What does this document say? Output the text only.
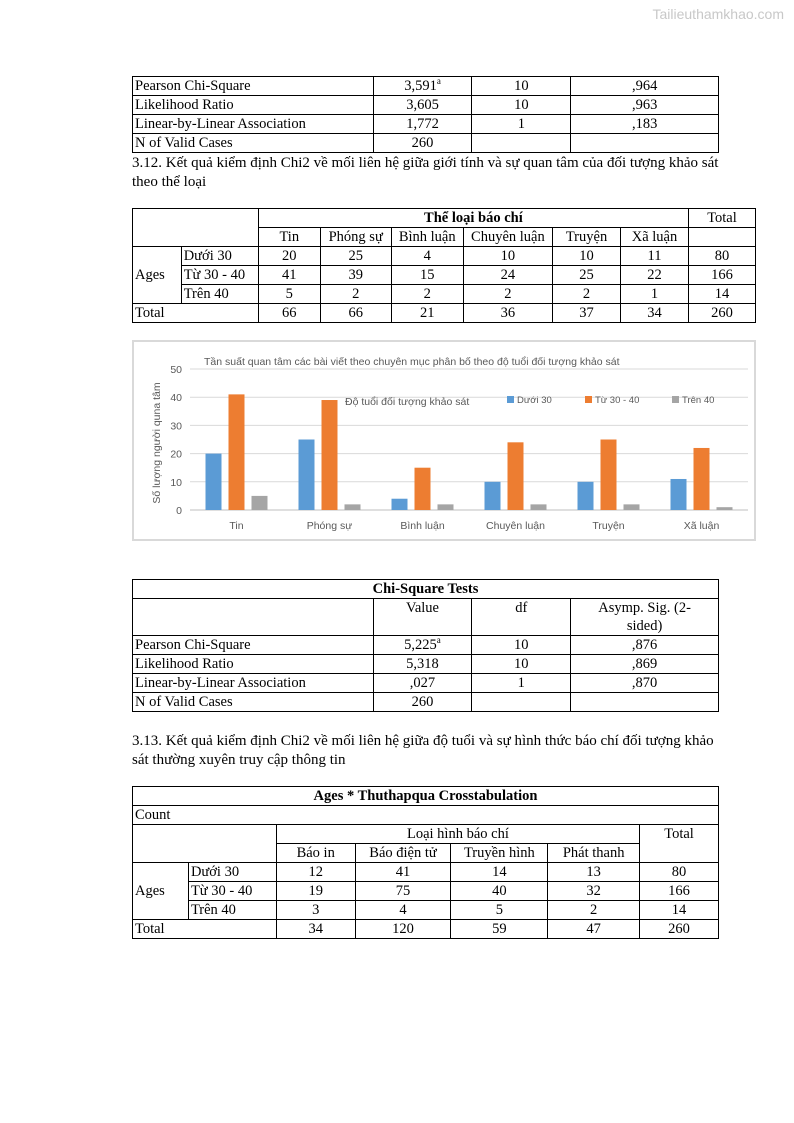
Tailieuthamkhao.com
Pearson Chi-Square	3,591$^a$	10	,964
Likelihood Ratio	3,605	10	,963
Linear-by-Linear Association	1,772	1	,183
N of Valid Cases	260		

3.12. Kết quả kiểm định Chi2 về mối liên hệ giữa giới tính và sự quan tâm của đối tượng khảo sát theo thể loại

		Thể loại báo chí						Total
		Tin	Phóng sự	Bình luận	Chuyên luận	Truyện	Xã luận	
Ages	Dưới 30	20	25	4	10	10	11	80
	Từ 30 - 40	41	39	15	24	25	22	166
	Trên 40	5	2	2	2	2	1	14
Total		66	66	21	36	37	34	260
0
10
20
30
40
50
Tin	Phóng sự	Bình luận	Chuyên luận	Truyện	Xã luận
Tần suất quan tâm các bài viết theo chuyên mục phân bố theo độ tuổi đối tượng khảo sát
Độ tuổi đối tượng khảo sát	Dưới 30	Từ 30 - 40	Trên 40
Số lượng người quna tâm
Chi-Square Tests			
	Value	df	Asymp. Sig. (2-sided)
Pearson Chi-Square	5,225$^a$	10	,876
Likelihood Ratio	5,318	10	,869
Linear-by-Linear Association	,027	1	,870
N of Valid Cases	260		

3.13. Kết quả kiểm định Chi2 về mối liên hệ giữa độ tuổi và sự hình thức báo chí đối tượng khảo sát thường xuyên truy cập thông tin

Ages * Thuthapqua Crosstabulation						
Count						
		Loại hình báo chí				Total
		Báo in	Báo điện tử	Truyền hình	Phát thanh	
Ages	Dưới 30	12	41	14	13	80
	Từ 30 - 40	19	75	40	32	166
	Trên 40	3	4	5	2	14
Total		34	120	59	47	260
